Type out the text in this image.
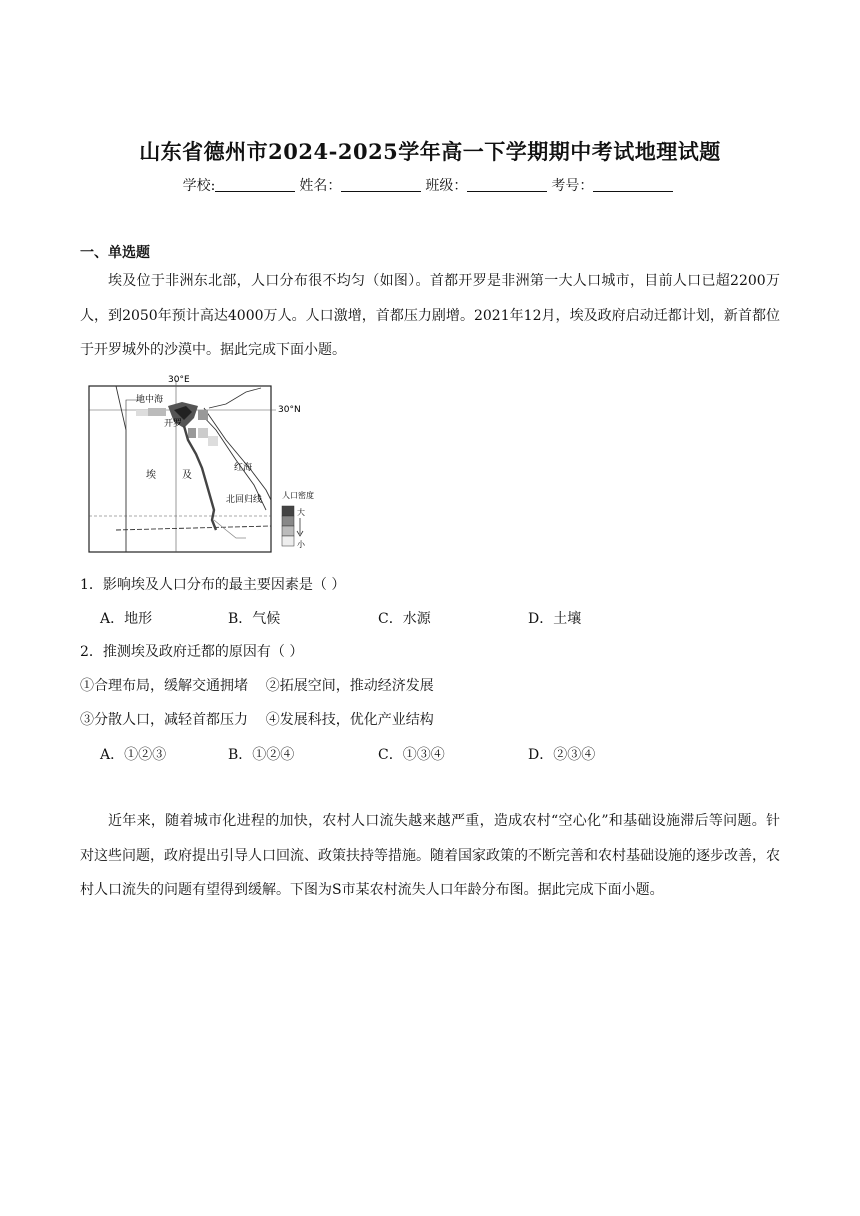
山东省德州市2024-2025学年高一下学期期中考试地理试题
学校:	姓名：	班级：	考号：
一、单选题
埃及位于非洲东北部，人口分布很不均匀（如图）。首都开罗是非洲第一大人口城市，目前人口已超2200万人，到2050年预计高达4000万人。人口激增，首都压力剧增。2021年12月，埃及政府启动迁都计划，新首都位于开罗城外的沙漠中。据此完成下面小题。
30°E
30°N
地中海
开罗
红海
埃	及
北回归线 人口密度
大
小
1．影响埃及人口分布的最主要因素是（ ）
A．地形	B．气候	C．水源	D．土壤
2．推测埃及政府迁都的原因有（ ）
①合理布局，缓解交通拥堵    ②拓展空间，推动经济发展
③分散人口，减轻首都压力    ④发展科技，优化产业结构
A．①②③	B．①②④	C．①③④	D．②③④
近年来，随着城市化进程的加快，农村人口流失越来越严重，造成农村“空心化”和基础设施滞后等问题。针对这些问题，政府提出引导人口回流、政策扶持等措施。随着国家政策的不断完善和农村基础设施的逐步改善，农村人口流失的问题有望得到缓解。下图为S市某农村流失人口年龄分布图。据此完成下面小题。
